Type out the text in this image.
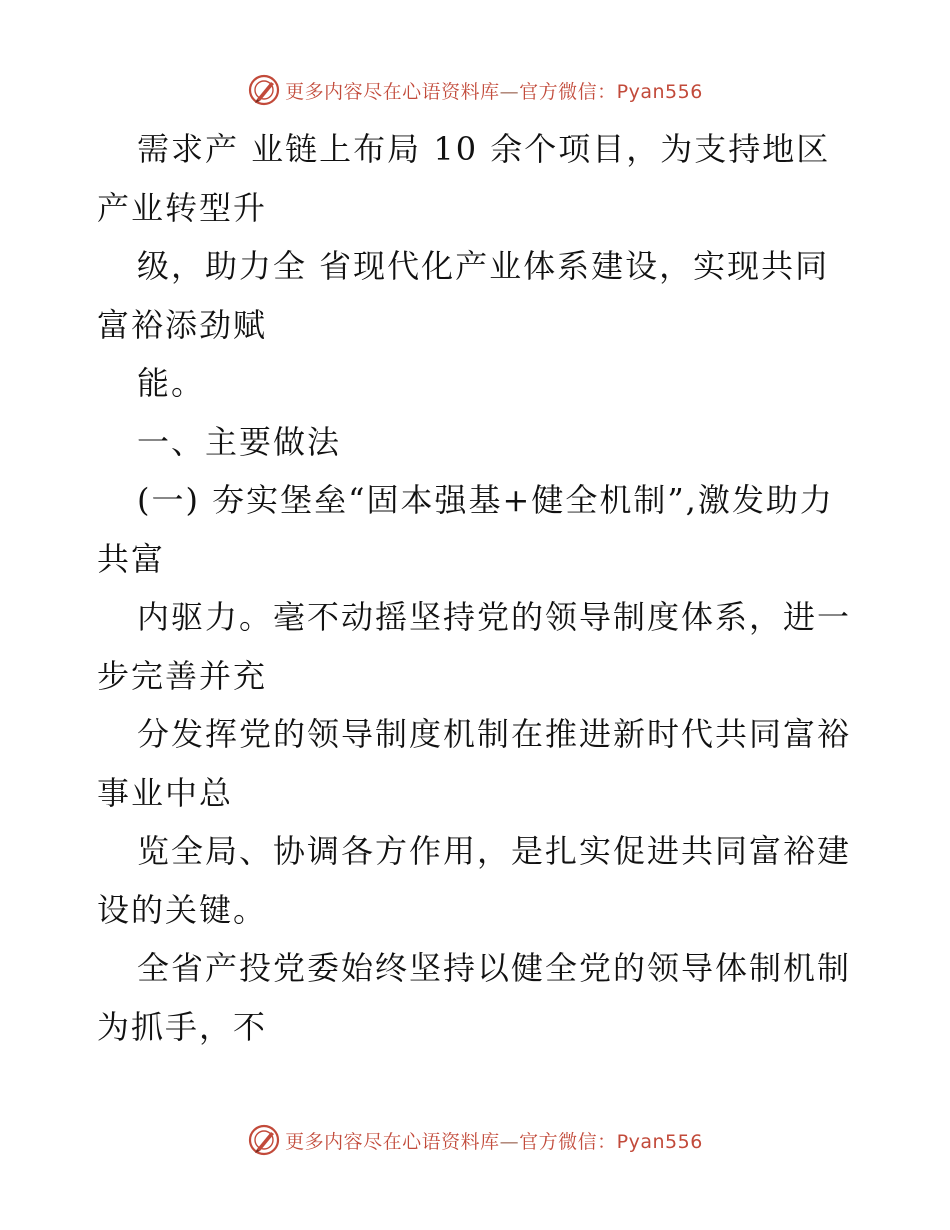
更多内容尽在心语资料库—官方微信：Pyan556
需求产 业链上布局 10 余个项目，为支持地区
产业转型升
级，助力全 省现代化产业体系建设，实现共同
富裕添劲赋
能。
一、主要做法
(一) 夯实堡垒“固本强基+健全机制”,激发助力
共富
内驱力。毫不动摇坚持党的领导制度体系，进一
步完善并充
分发挥党的领导制度机制在推进新时代共同富裕
事业中总
览全局、协调各方作用，是扎实促进共同富裕建
设的关键。
全省产投党委始终坚持以健全党的领导体制机制
为抓手，不
更多内容尽在心语资料库—官方微信：Pyan556
